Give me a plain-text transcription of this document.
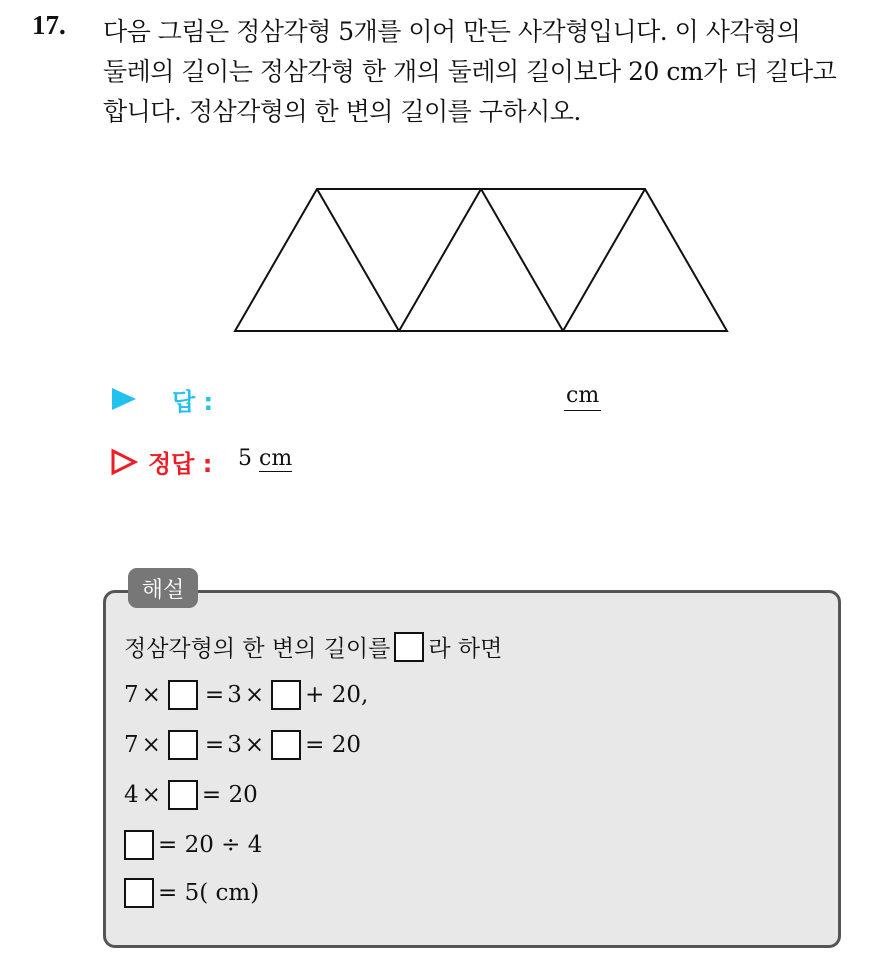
17. 다음 그림은 정삼각형 5개를 이어 만든 사각형입니다. 이 사각형의
둘레의 길이는 정삼각형 한 개의 둘레의 길이보다 20 cm가 더 길다고
합니다. 정삼각형의 한 변의 길이를 구하시오.
답 :	cm
정답 : 5 cm
해설
정삼각형의 한 변의 길이를 라 하면
7 × = 3 × + 20,
7 × = 3 × = 20
4 × = 20
= 20 ÷ 4
= 5( cm)
